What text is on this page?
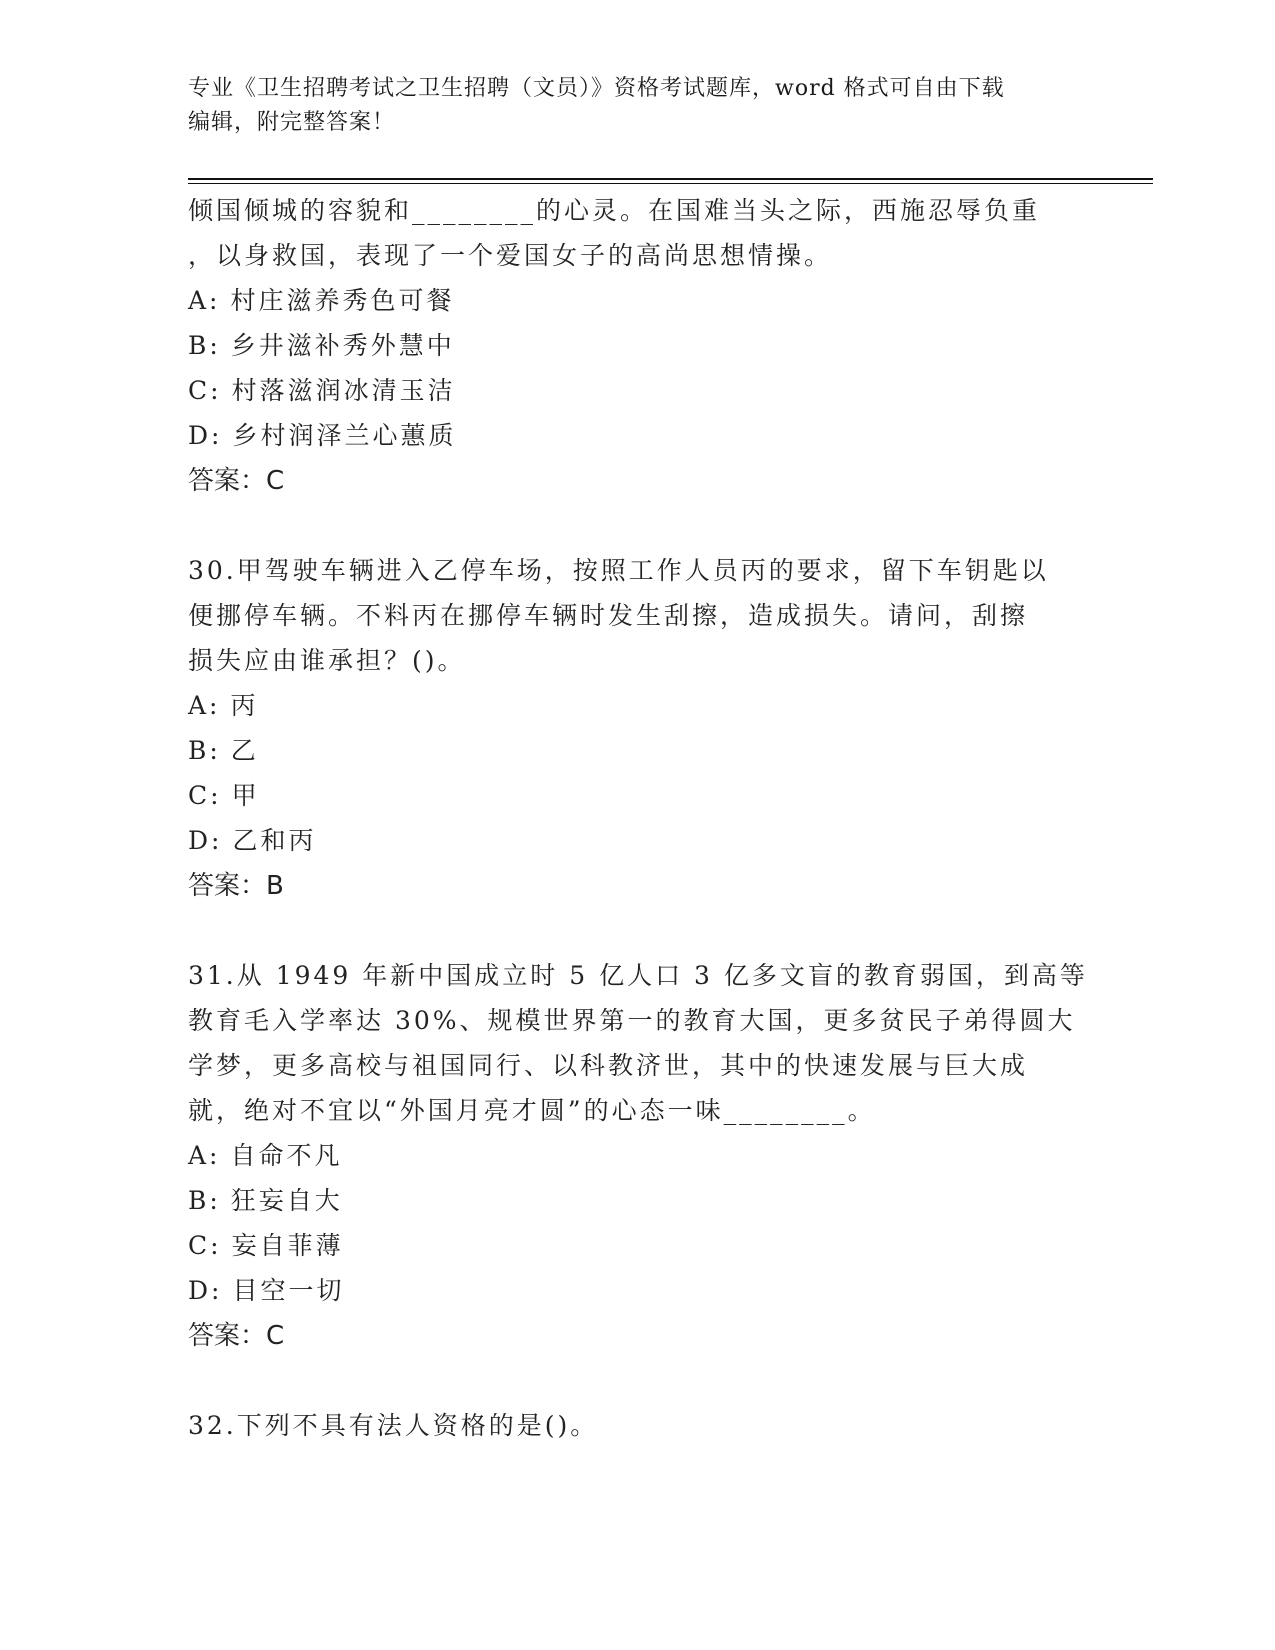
专业《卫生招聘考试之卫生招聘（文员）》资格考试题库，word 格式可自由下载
编辑，附完整答案！

倾国倾城的容貌和________的心灵。在国难当头之际，西施忍辱负重

，以身救国，表现了一个爱国女子的高尚思想情操。

A: 村庄滋养秀色可餐

B: 乡井滋补秀外慧中

C: 村落滋润冰清玉洁

D: 乡村润泽兰心蕙质

答案：C

30.甲驾驶车辆进入乙停车场，按照工作人员丙的要求，留下车钥匙以

便挪停车辆。不料丙在挪停车辆时发生刮擦，造成损失。请问，刮擦

损失应由谁承担？()。

A: 丙

B: 乙

C: 甲

D: 乙和丙

答案：B

31.从 1949 年新中国成立时 5 亿人口 3 亿多文盲的教育弱国，到高等

教育毛入学率达 30%、规模世界第一的教育大国，更多贫民子弟得圆大

学梦，更多高校与祖国同行、以科教济世，其中的快速发展与巨大成

就，绝对不宜以“外国月亮才圆”的心态一味________。

A: 自命不凡

B: 狂妄自大

C: 妄自菲薄

D: 目空一切

答案：C

32.下列不具有法人资格的是()。
